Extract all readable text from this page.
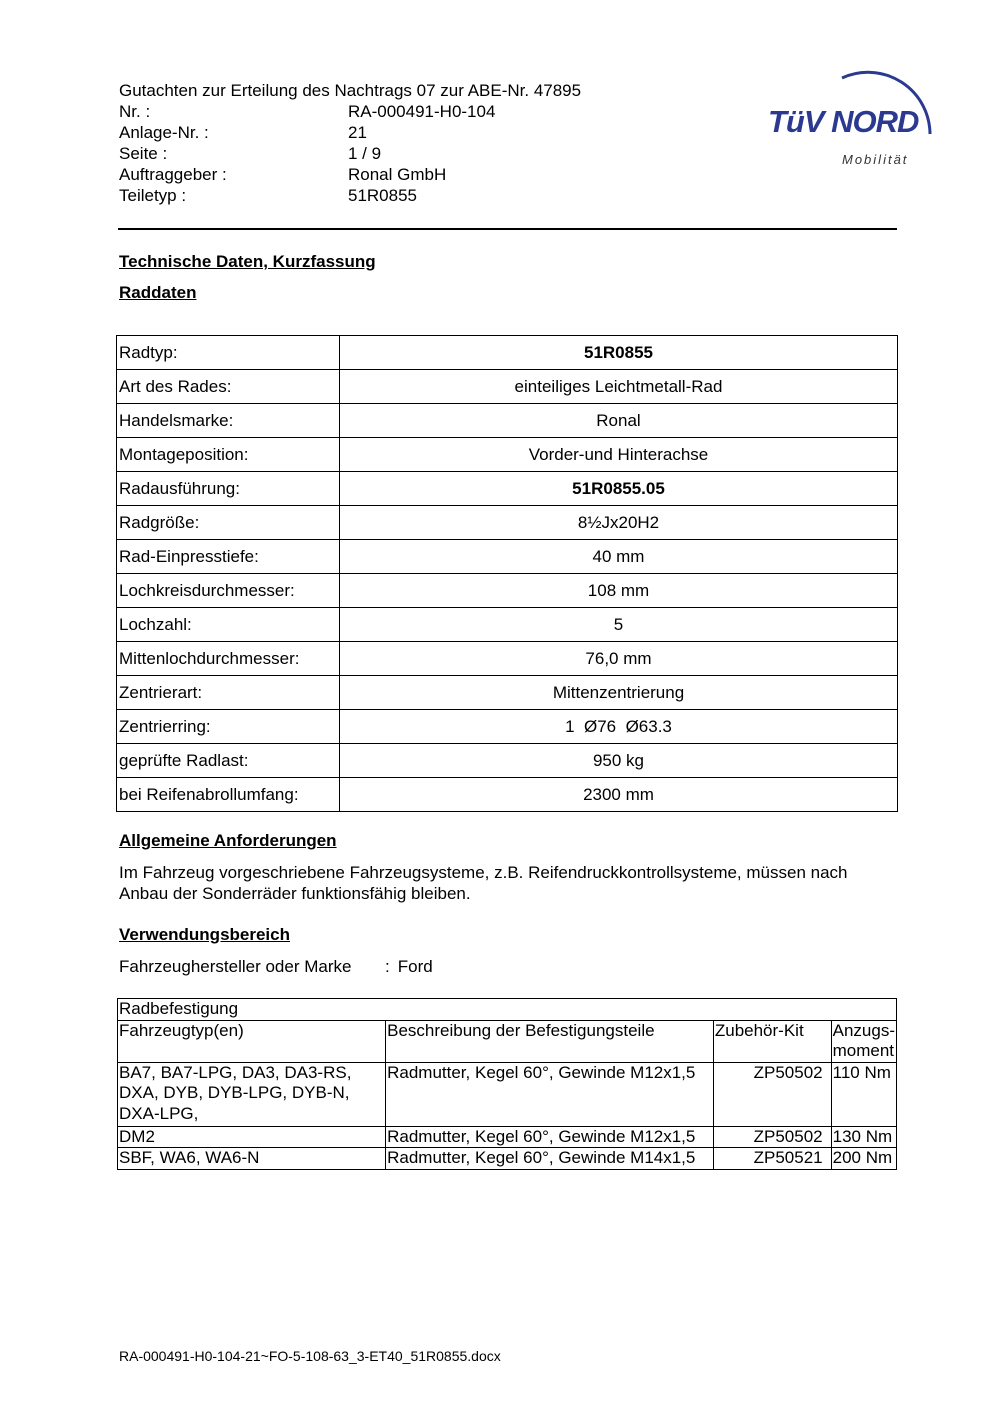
Gutachten zur Erteilung des Nachtrags 07 zur ABE-Nr. 47895
Nr. :	RA-000491-H0-104
Anlage-Nr. :	21
Seite :	1 / 9
Auftraggeber :	Ronal GmbH
Teiletyp :	51R0855
TüV NORD
Mobilität
Technische Daten, Kurzfassung
Raddaten
Radtyp:	51R0855
Art des Rades:	einteiliges Leichtmetall-Rad
Handelsmarke:	Ronal
Montageposition:	Vorder-und Hinterachse
Radausführung:	51R0855.05
Radgröße:	8½Jx20H2
Rad-Einpresstiefe:	40 mm
Lochkreisdurchmesser:	108 mm
Lochzahl:	5
Mittenlochdurchmesser:	76,0 mm
Zentrierart:	Mittenzentrierung
Zentrierring:	1  Ø76  Ø63.3
geprüfte Radlast:	950 kg
bei Reifenabrollumfang:	2300 mm
Allgemeine Anforderungen
Im Fahrzeug vorgeschriebene Fahrzeugsysteme, z.B. Reifendruckkontrollsysteme, müssen nach Anbau der Sonderräder funktionsfähig bleiben.
Verwendungsbereich
Fahrzeughersteller oder Marke	: Ford
Radbefestigung			
Fahrzeugtyp(en)	Beschreibung der Befestigungsteile	Zubehör-Kit	Anzugs-moment
BA7, BA7-LPG, DA3, DA3-RS, DXA, DYB, DYB-LPG, DYB-N, DXA-LPG,	Radmutter, Kegel 60°, Gewinde M12x1,5	ZP50502	110 Nm
DM2	Radmutter, Kegel 60°, Gewinde M12x1,5	ZP50502	130 Nm
SBF, WA6, WA6-N	Radmutter, Kegel 60°, Gewinde M14x1,5	ZP50521	200 Nm
RA-000491-H0-104-21~FO-5-108-63_3-ET40_51R0855.docx
